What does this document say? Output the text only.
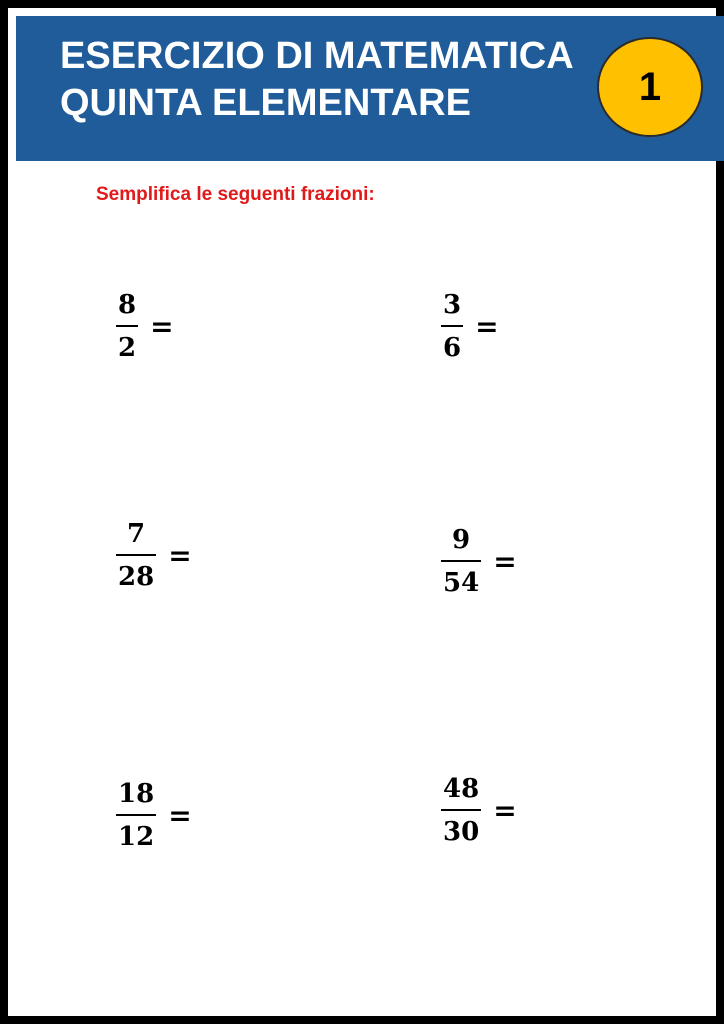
ESERCIZIO DI MATEMATICA
QUINTA ELEMENTARE	1
Semplifica le seguenti frazioni:
$\frac{8}{2}$ =	$\frac{3}{6}$ =
$\frac{7}{28}$ =	$\frac{9}{54}$ =
$\frac{18}{12}$ =	$\frac{48}{30}$ =
